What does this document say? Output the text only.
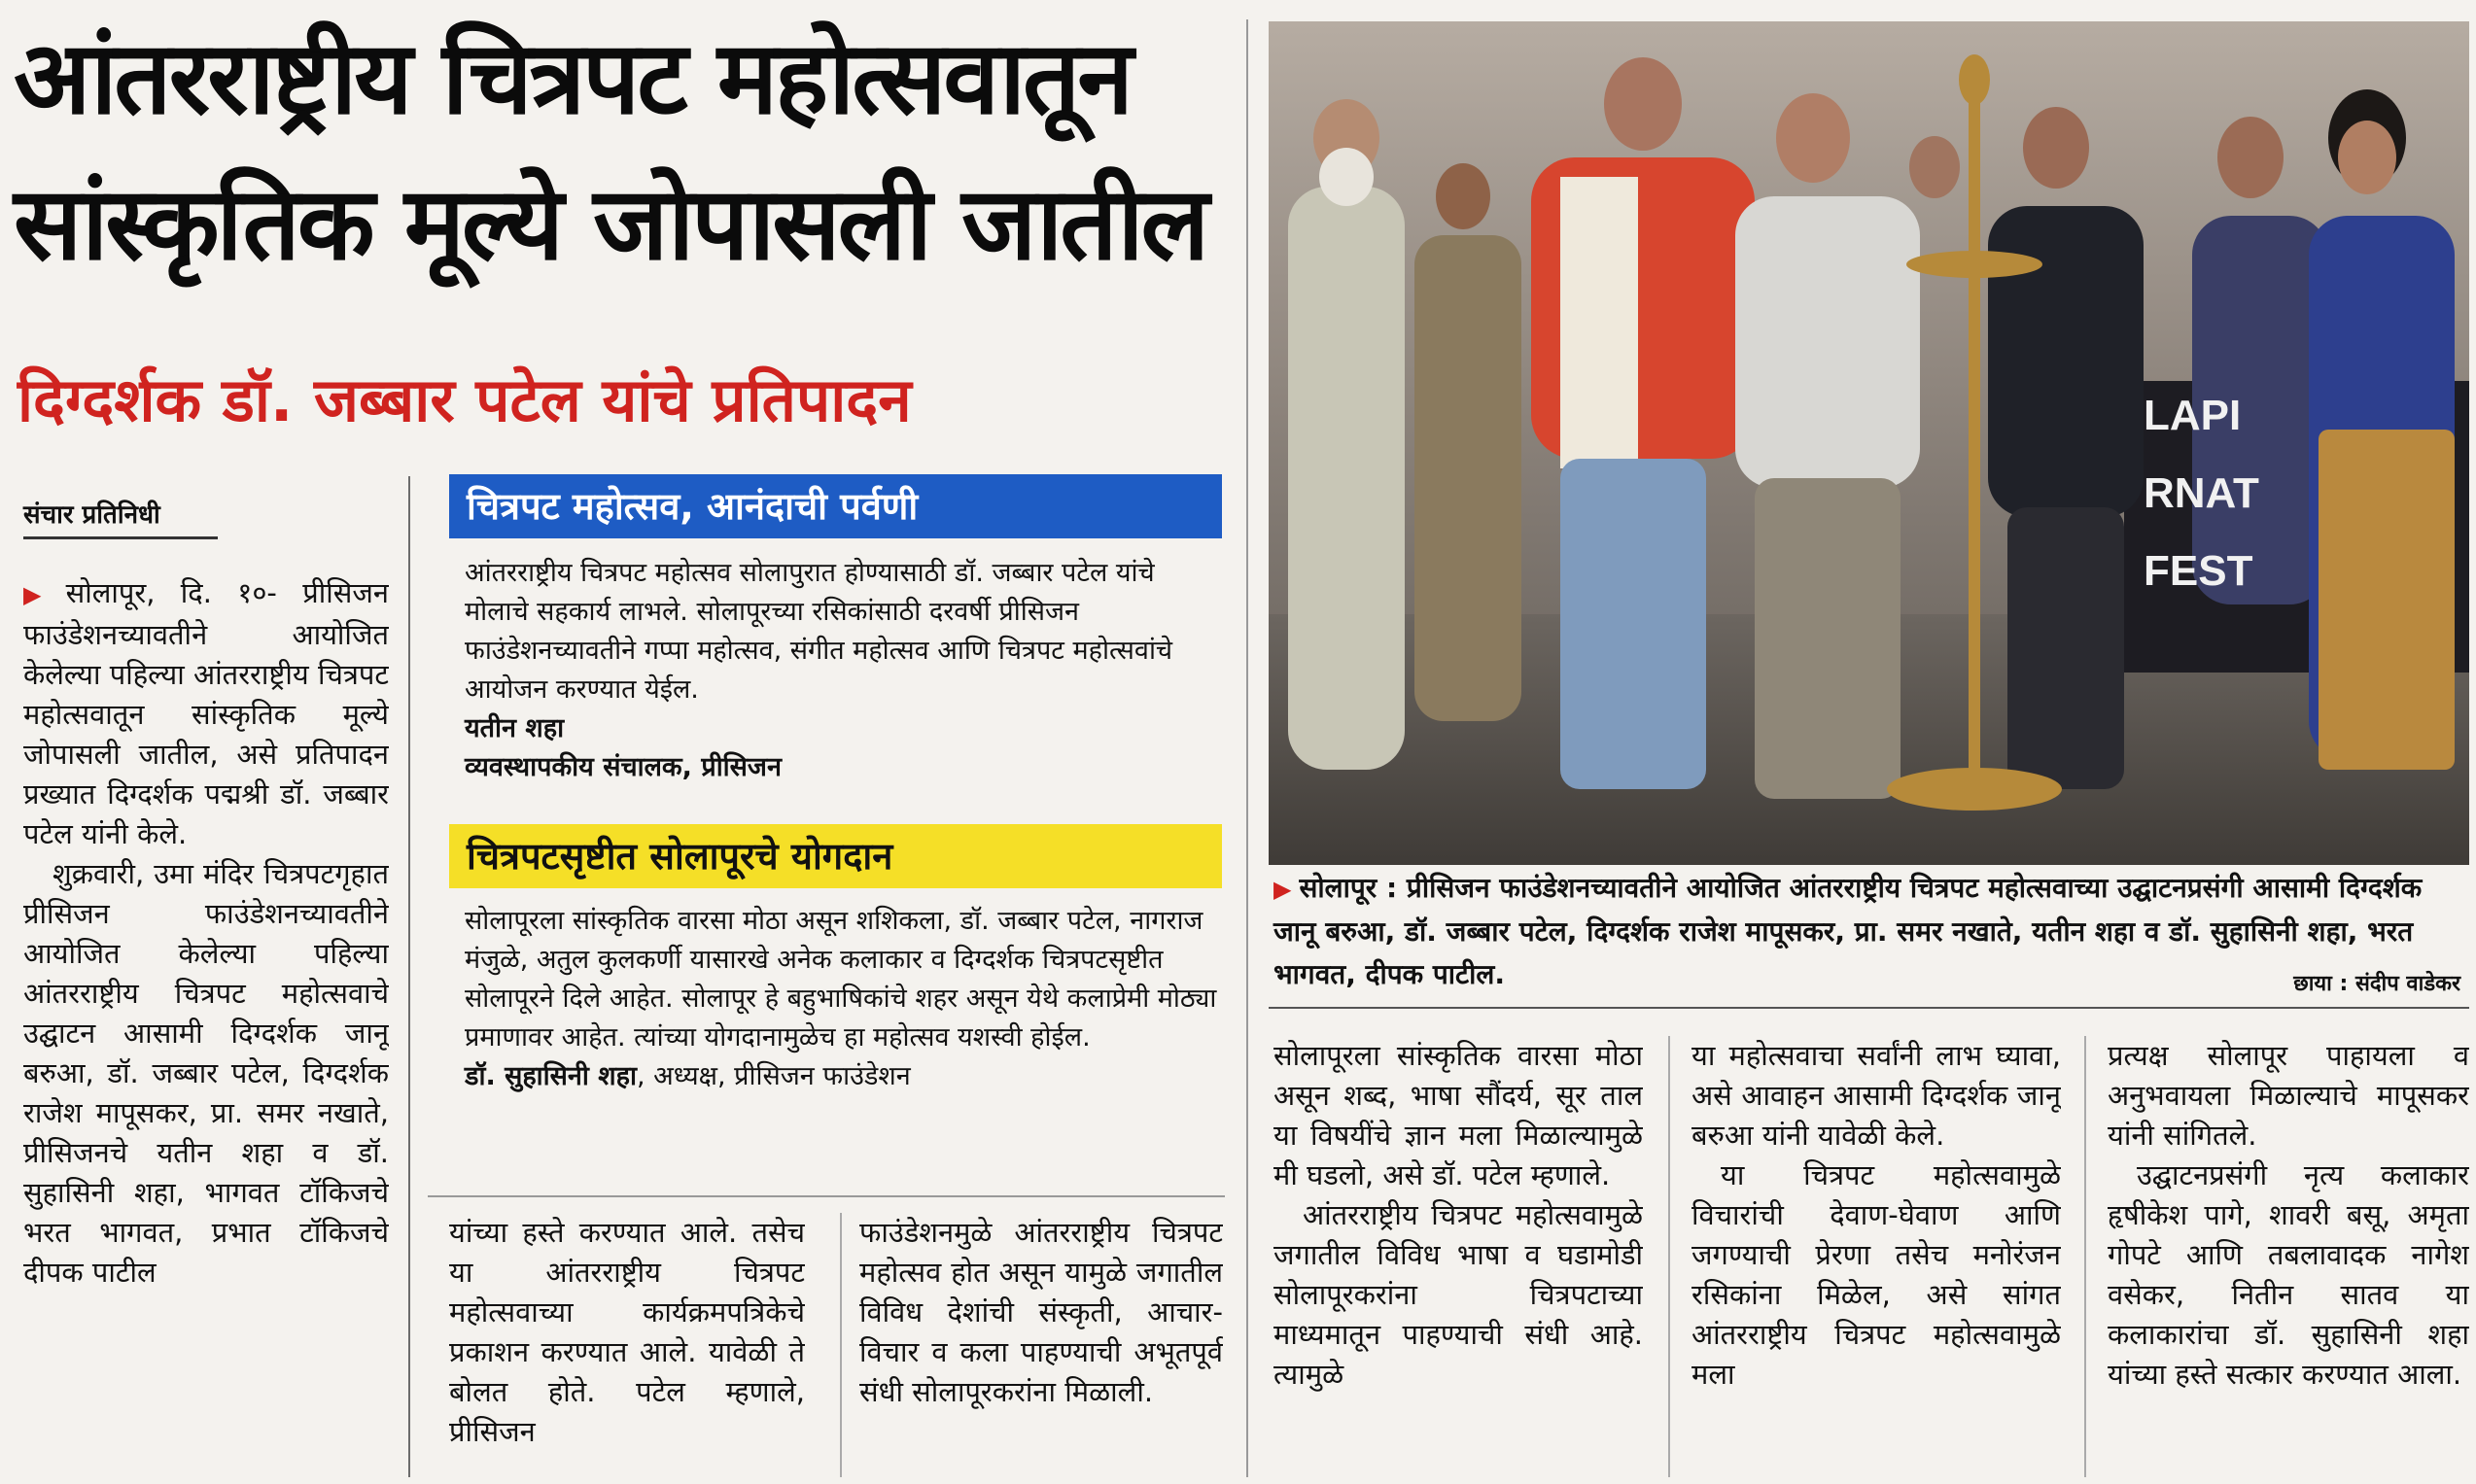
आंतरराष्ट्रीय चित्रपट महोत्सवातून
सांस्कृतिक मूल्ये जोपासली जातील
दिग्दर्शक डॉ. जब्बार पटेल यांचे प्रतिपादन
संचार प्रतिनिधी

▶ सोलापूर, दि. १०- प्रीसिजन फाउंडेशनच्यावतीने आयोजित केलेल्या पहिल्या आंतरराष्ट्रीय चित्रपट महोत्सवातून सांस्कृतिक मूल्ये जोपासली जातील, असे प्रतिपादन प्रख्यात दिग्दर्शक पद्मश्री डॉ. जब्बार पटेल यांनी केले.

शुक्रवारी, उमा मंदिर चित्रपटगृहात प्रीसिजन फाउंडेशनच्यावतीने आयोजित केलेल्या पहिल्या आंतरराष्ट्रीय चित्रपट महोत्सवाचे उद्घाटन आसामी दिग्दर्शक जानू बरुआ, डॉ. जब्बार पटेल, दिग्दर्शक राजेश मापूसकर, प्रा. समर नखाते, प्रीसिजनचे यतीन शहा व डॉ. सुहासिनी शहा, भागवत टॉकिजचे भरत भागवत, प्रभात टॉकिजचे दीपक पाटील

चित्रपट महोत्सव, आनंदाची पर्वणी

आंतरराष्ट्रीय चित्रपट महोत्सव सोलापुरात होण्यासाठी डॉ. जब्बार पटेल यांचे मोलाचे सहकार्य लाभले. सोलापूरच्या रसिकांसाठी दरवर्षी प्रीसिजन फाउंडेशनच्यावतीने गप्पा महोत्सव, संगीत महोत्सव आणि चित्रपट महोत्सवांचे आयोजन करण्यात येईल.

यतीन शहा

व्यवस्थापकीय संचालक, प्रीसिजन

चित्रपटसृष्टीत सोलापूरचे योगदान

सोलापूरला सांस्कृतिक वारसा मोठा असून शशिकला, डॉ. जब्बार पटेल, नागराज मंजुळे, अतुल कुलकर्णी यासारखे अनेक कलाकार व दिग्दर्शक चित्रपटसृष्टीत सोलापूरने दिले आहेत. सोलापूर हे बहुभाषिकांचे शहर असून येथे कलाप्रेमी मोठ्या प्रमाणावर आहेत. त्यांच्या योगदानामुळेच हा महोत्सव यशस्वी होईल.

डॉ. सुहासिनी शहा, अध्यक्ष, प्रीसिजन फाउंडेशन

यांच्या हस्ते करण्यात आले. तसेच या आंतरराष्ट्रीय चित्रपट महोत्सवाच्या कार्यक्रमपत्रिकेचे प्रकाशन करण्यात आले. यावेळी ते बोलत होते. पटेल म्हणाले, प्रीसिजन

फाउंडेशनमुळे आंतरराष्ट्रीय चित्रपट महोत्सव होत असून यामुळे जगातील विविध देशांची संस्कृती, आचार-विचार व कला पाहण्याची अभूतपूर्व संधी सोलापूरकरांना मिळाली.

LAPI
RNAT
FEST
▶ सोलापूर : प्रीसिजन फाउंडेशनच्यावतीने आयोजित आंतरराष्ट्रीय चित्रपट महोत्सवाच्या उद्घाटनप्रसंगी आसामी दिग्दर्शक जानू बरुआ, डॉ. जब्बार पटेल, दिग्दर्शक राजेश मापूसकर, प्रा. समर नखाते, यतीन शहा व डॉ. सुहासिनी शहा, भरत भागवत, दीपक पाटील.	छाया : संदीप वाडेकर

सोलापूरला सांस्कृतिक वारसा मोठा असून शब्द, भाषा सौंदर्य, सूर ताल या विषयींचे ज्ञान मला मिळाल्यामुळे मी घडलो, असे डॉ. पटेल म्हणाले.

आंतरराष्ट्रीय चित्रपट महोत्सवामुळे जगातील विविध भाषा व घडामोडी सोलापूरकरांना चित्रपटाच्या माध्यमातून पाहण्याची संधी आहे. त्यामुळे

या महोत्सवाचा सर्वांनी लाभ घ्यावा, असे आवाहन आसामी दिग्दर्शक जानू बरुआ यांनी यावेळी केले.

या चित्रपट महोत्सवामुळे विचारांची देवाण-घेवाण आणि जगण्याची प्रेरणा तसेच मनोरंजन रसिकांना मिळेल, असे सांगत आंतरराष्ट्रीय चित्रपट महोत्सवामुळे मला

प्रत्यक्ष सोलापूर पाहायला व अनुभवायला मिळाल्याचे मापूसकर यांनी सांगितले.

उद्घाटनप्रसंगी नृत्य कलाकार हृषीकेश पागे, शावरी बसू, अमृता गोपटे आणि तबलावादक नागेश वसेकर, नितीन सातव या कलाकारांचा डॉ. सुहासिनी शहा यांच्या हस्ते सत्कार करण्यात आला.
